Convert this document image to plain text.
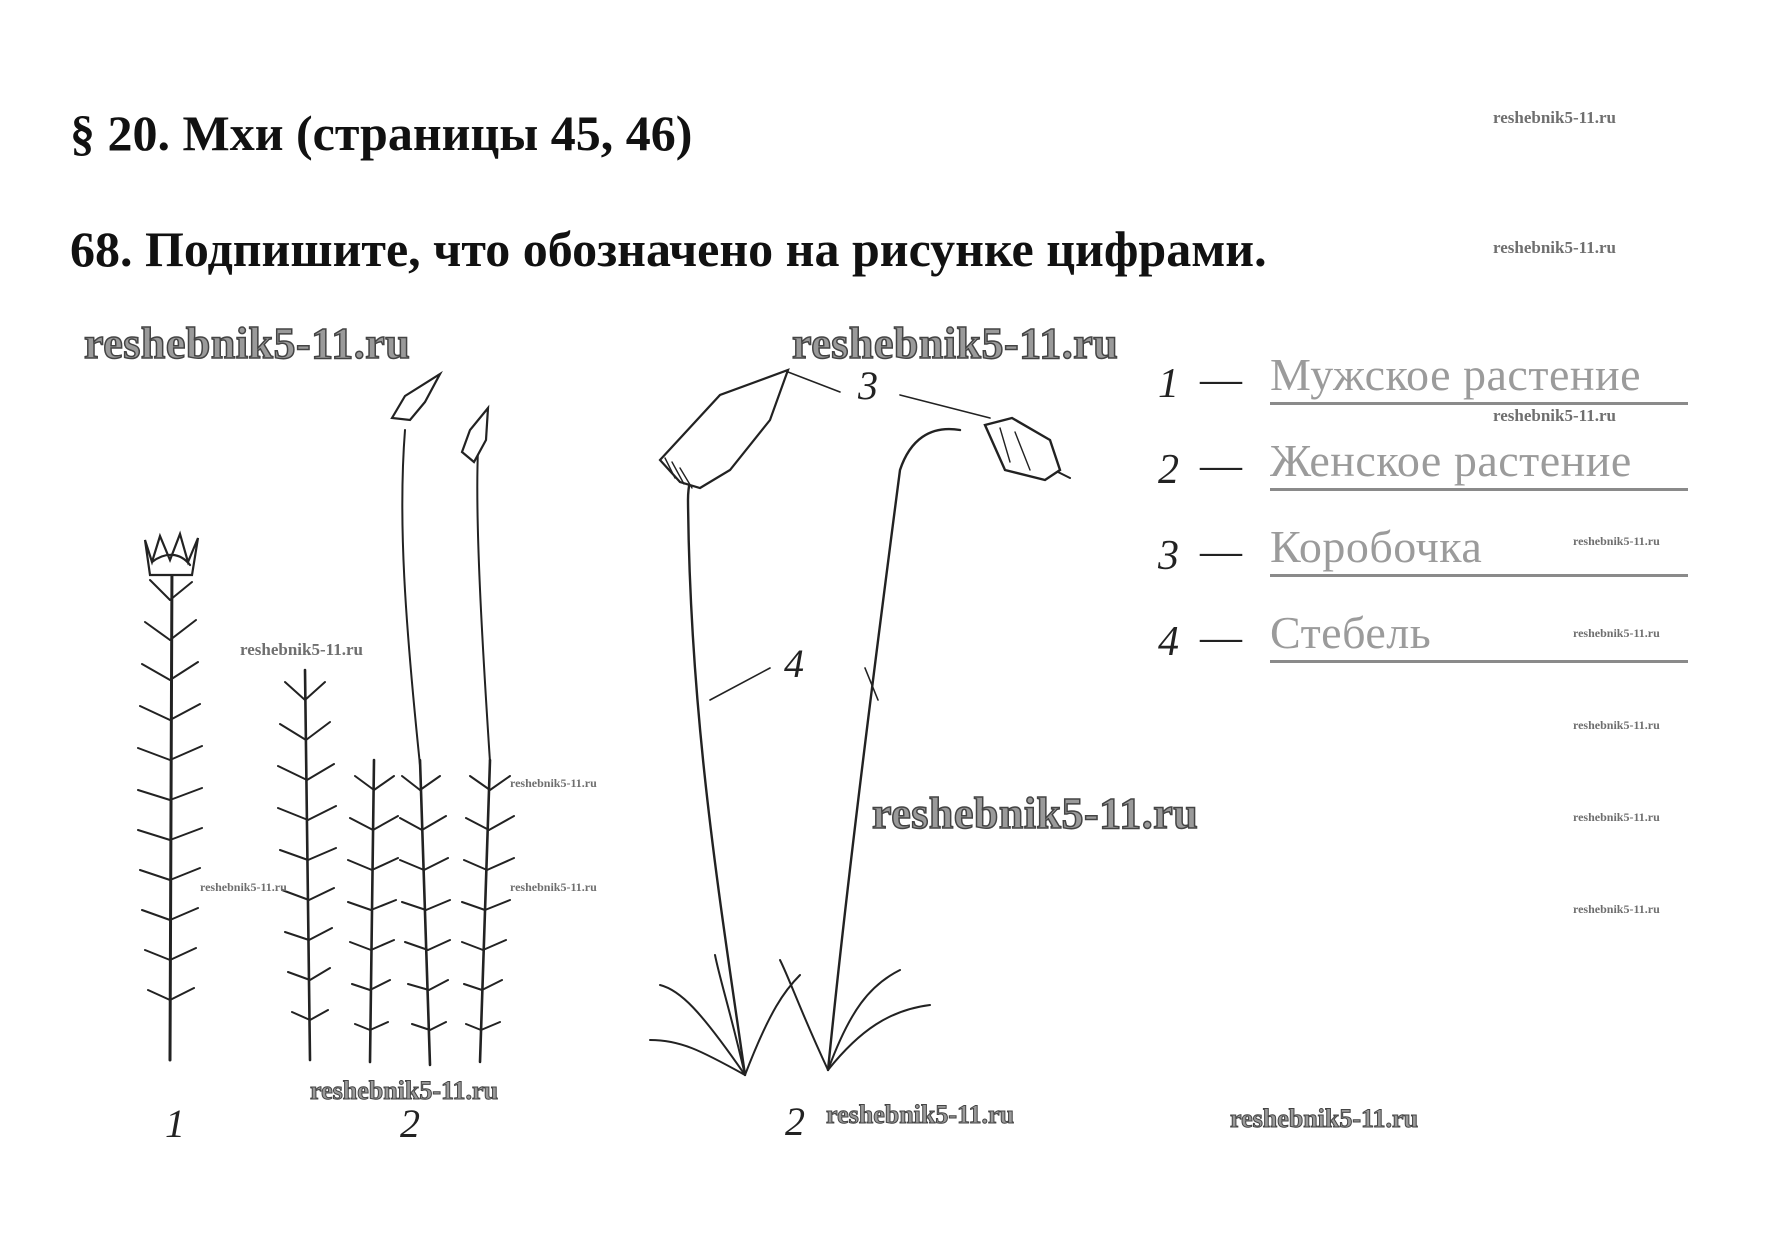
§ 20. Мхи (страницы 45, 46)
68. Подпишите, что обозначено на рисунке цифрами.
reshebnik5-11.ru
reshebnik5-11.ru
reshebnik5-11.ru
reshebnik5-11.ru
reshebnik5-11.ru
reshebnik5-11.ru
reshebnik5-11.ru
reshebnik5-11.ru
1	2	2
3
4
reshebnik5-11.ru	reshebnik5-11.ru
reshebnik5-11.ru
reshebnik5-11.ru
reshebnik5-11.ru	reshebnik5-11.ru
reshebnik5-11.ru
reshebnik5-11.ru
reshebnik5-11.ru	reshebnik5-11.ru
1 — Мужское растение
2 — Женское растение
3 — Коробочка
4 — Стебель
